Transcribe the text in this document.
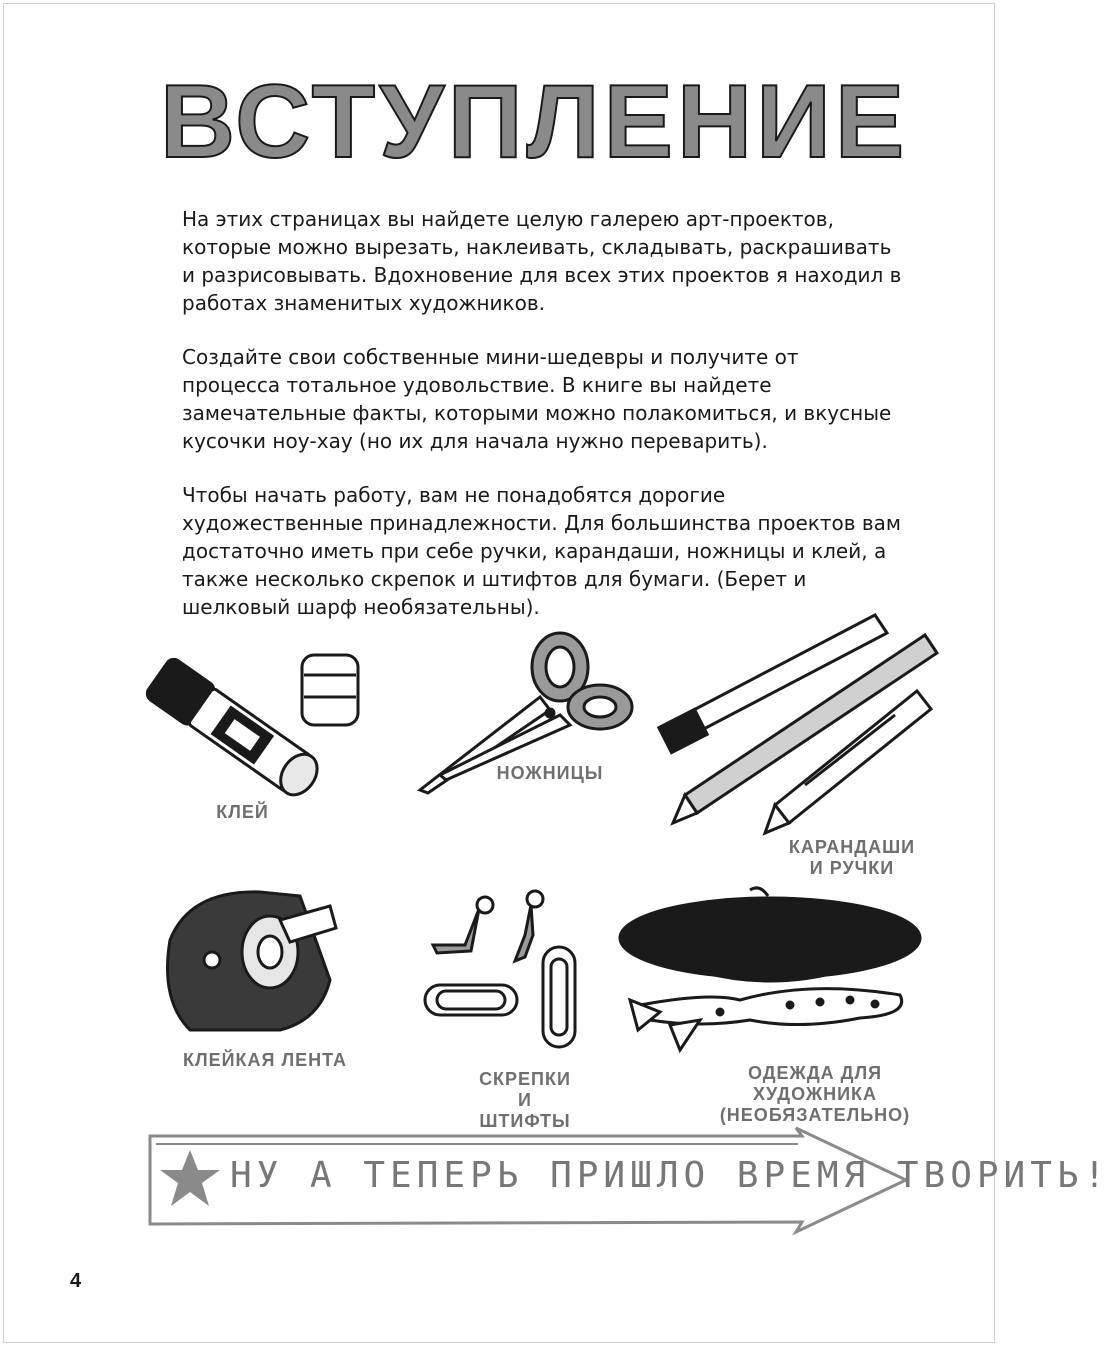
ВСТУПЛЕНИЕ

На этих страницах вы найдете целую галерею арт-проектов, которые можно вырезать, наклеивать, складывать, раскрашивать и разрисовывать. Вдохновение для всех этих проектов я находил в работах знаменитых художников.

Создайте свои собственные мини-шедевры и получите от процесса тотальное удовольствие. В книге вы найдете замечательные факты, которыми можно полакомиться, и вкусные кусочки ноу-хау (но их для начала нужно переварить).

Чтобы начать работу, вам не понадобятся дорогие художественные принадлежности. Для большинства проектов вам достаточно иметь при себе ручки, карандаши, ножницы и клей, а также несколько скрепок и штифтов для бумаги. (Берет и шелковый шарф необязательны).

КЛЕЙ
НОЖНИЦЫ
КАРАНДАШИ
И РУЧКИ
КЛЕЙКАЯ ЛЕНТА
СКРЕПКИ И
ШТИФТЫ
ОДЕЖДА ДЛЯ
ХУДОЖНИКА
(НЕОБЯЗАТЕЛЬНО)
НУ А ТЕПЕРЬ ПРИШЛО ВРЕМЯ ТВОРИТЬ!
4
